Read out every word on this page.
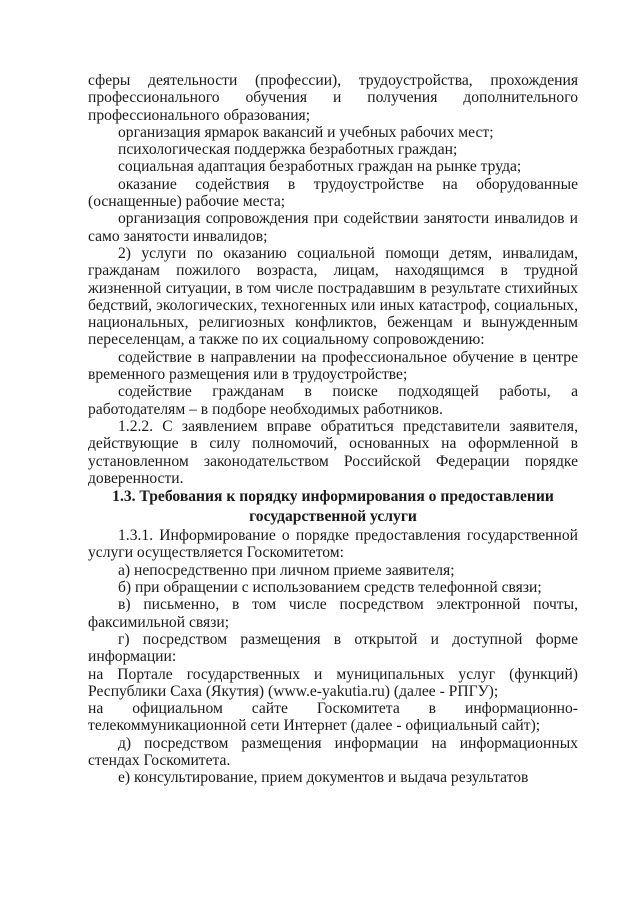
сферы деятельности (профессии), трудоустройства, прохождения профессионального обучения и получения дополнительного профессионального образования;

организация ярмарок вакансий и учебных рабочих мест;

психологическая поддержка безработных граждан;

социальная адаптация безработных граждан на рынке труда;

оказание содействия в трудоустройстве на оборудованные (оснащенные) рабочие места;

организация сопровождения при содействии занятости инвалидов и само занятости инвалидов;

2) услуги по оказанию социальной помощи детям, инвалидам, гражданам пожилого возраста, лицам, находящимся в трудной жизненной ситуации, в том числе пострадавшим в результате стихийных бедствий, экологических, техногенных или иных катастроф, социальных, национальных, религиозных конфликтов, беженцам и вынужденным переселенцам, а также по их социальному сопровождению:

содействие в направлении на профессиональное обучение в центре временного размещения или в трудоустройстве;

содействие гражданам в поиске подходящей работы, а работодателям – в подборе необходимых работников.

1.2.2. С заявлением вправе обратиться представители заявителя, действующие в силу полномочий, основанных на оформленной в установленном законодательством Российской Федерации порядке доверенности.

1.3. Требования к порядку информирования о предоставлении
государственной услуги

1.3.1. Информирование о порядке предоставления государственной услуги осуществляется Госкомитетом:

а) непосредственно при личном приеме заявителя;

б) при обращении с использованием средств телефонной связи;

в) письменно, в том числе посредством электронной почты, факсимильной связи;

г) посредством размещения в открытой и доступной форме информации:

на Портале государственных и муниципальных услуг (функций) Республики Саха (Якутия) (www.e-yakutia.ru) (далее - РПГУ);

на официальном сайте Госкомитета в информационно-телекоммуникационной сети Интернет (далее - официальный сайт);

д) посредством размещения информации на информационных стендах Госкомитета.

е) консультирование, прием документов и выдача результатов
